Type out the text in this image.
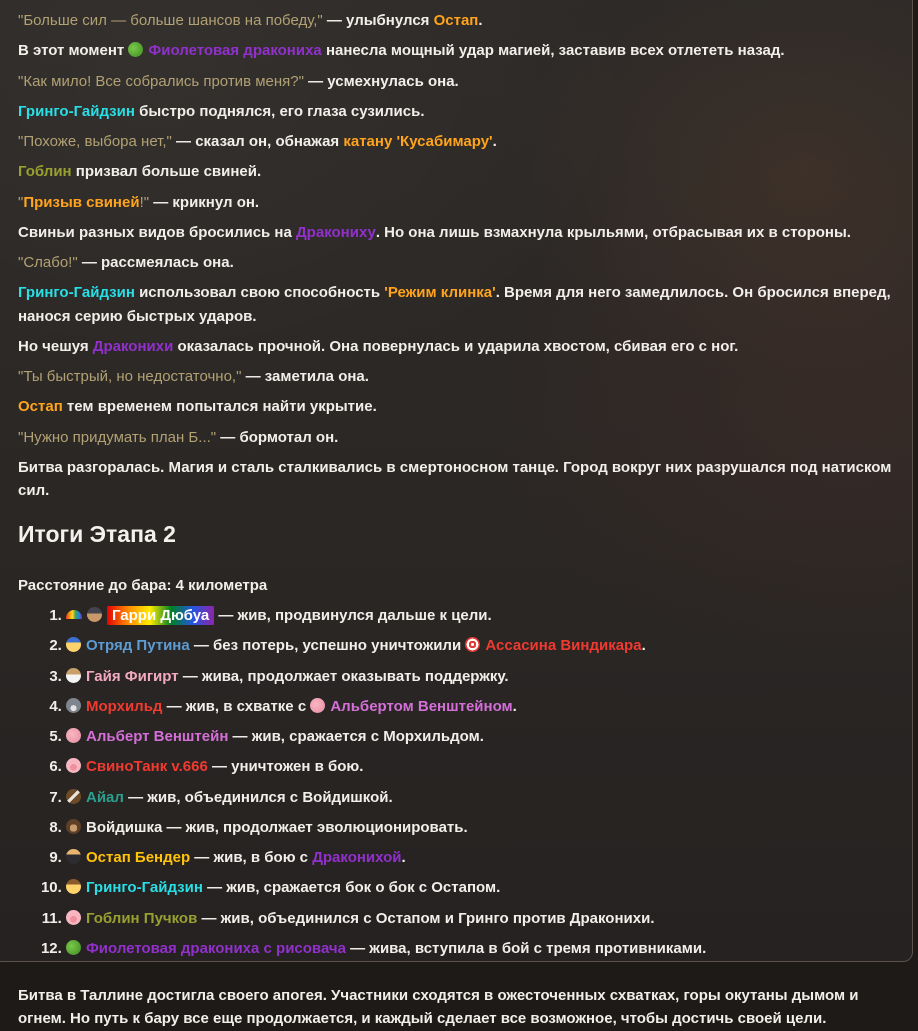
"Больше сил — больше шансов на победу," — улыбнулся Остап.

В этот момент Фиолетовая дракониха нанесла мощный удар магией, заставив всех отлететь назад.

"Как мило! Все собрались против меня?" — усмехнулась она.

Гринго-Гайдзин быстро поднялся, его глаза сузились.

"Похоже, выбора нет," — сказал он, обнажая катану 'Кусабимару'.

Гоблин призвал больше свиней.

"Призыв свиней!" — крикнул он.

Свиньи разных видов бросились на Дракониху. Но она лишь взмахнула крыльями, отбрасывая их в стороны.

"Слабо!" — рассмеялась она.

Гринго-Гайдзин использовал свою способность 'Режим клинка'. Время для него замедлилось. Он бросился вперед, нанося серию быстрых ударов.

Но чешуя Драконихи оказалась прочной. Она повернулась и ударила хвостом, сбивая его с ног.

"Ты быстрый, но недостаточно," — заметила она.

Остап тем временем попытался найти укрытие.

"Нужно придумать план Б..." — бормотал он.

Битва разгоралась. Магия и сталь сталкивались в смертоносном танце. Город вокруг них разрушался под натиском сил.

Итоги Этапа 2

Расстояние до бара: 4 километра

1. Гарри Дюбуа — жив, продвинулся дальше к цели.
2. Отряд Путина — без потерь, успешно уничтожили Ассасина Виндикара.
3. Гайя Фигирт — жива, продолжает оказывать поддержку.
4. Морхильд — жив, в схватке с Альбертом Венштейном.
5. Альберт Венштейн — жив, сражается с Морхильдом.
6. СвиноТанк v.666 — уничтожен в бою.
7. Айал — жив, объединился с Войдишкой.
8. Войдишка — жив, продолжает эволюционировать.
9. Остап Бендер — жив, в бою с Драконихой.
10. Гринго-Гайдзин — жив, сражается бок о бок с Остапом.
11. Гоблин Пучков — жив, объединился с Остапом и Гринго против Драконихи.
12. Фиолетовая дракониха с рисовача — жива, вступила в бой с тремя противниками.

Битва в Таллине достигла своего апогея. Участники сходятся в ожесточенных схватках, горы окутаны дымом и огнем. Но путь к бару все еще продолжается, и каждый сделает все возможное, чтобы достичь своей цели.
